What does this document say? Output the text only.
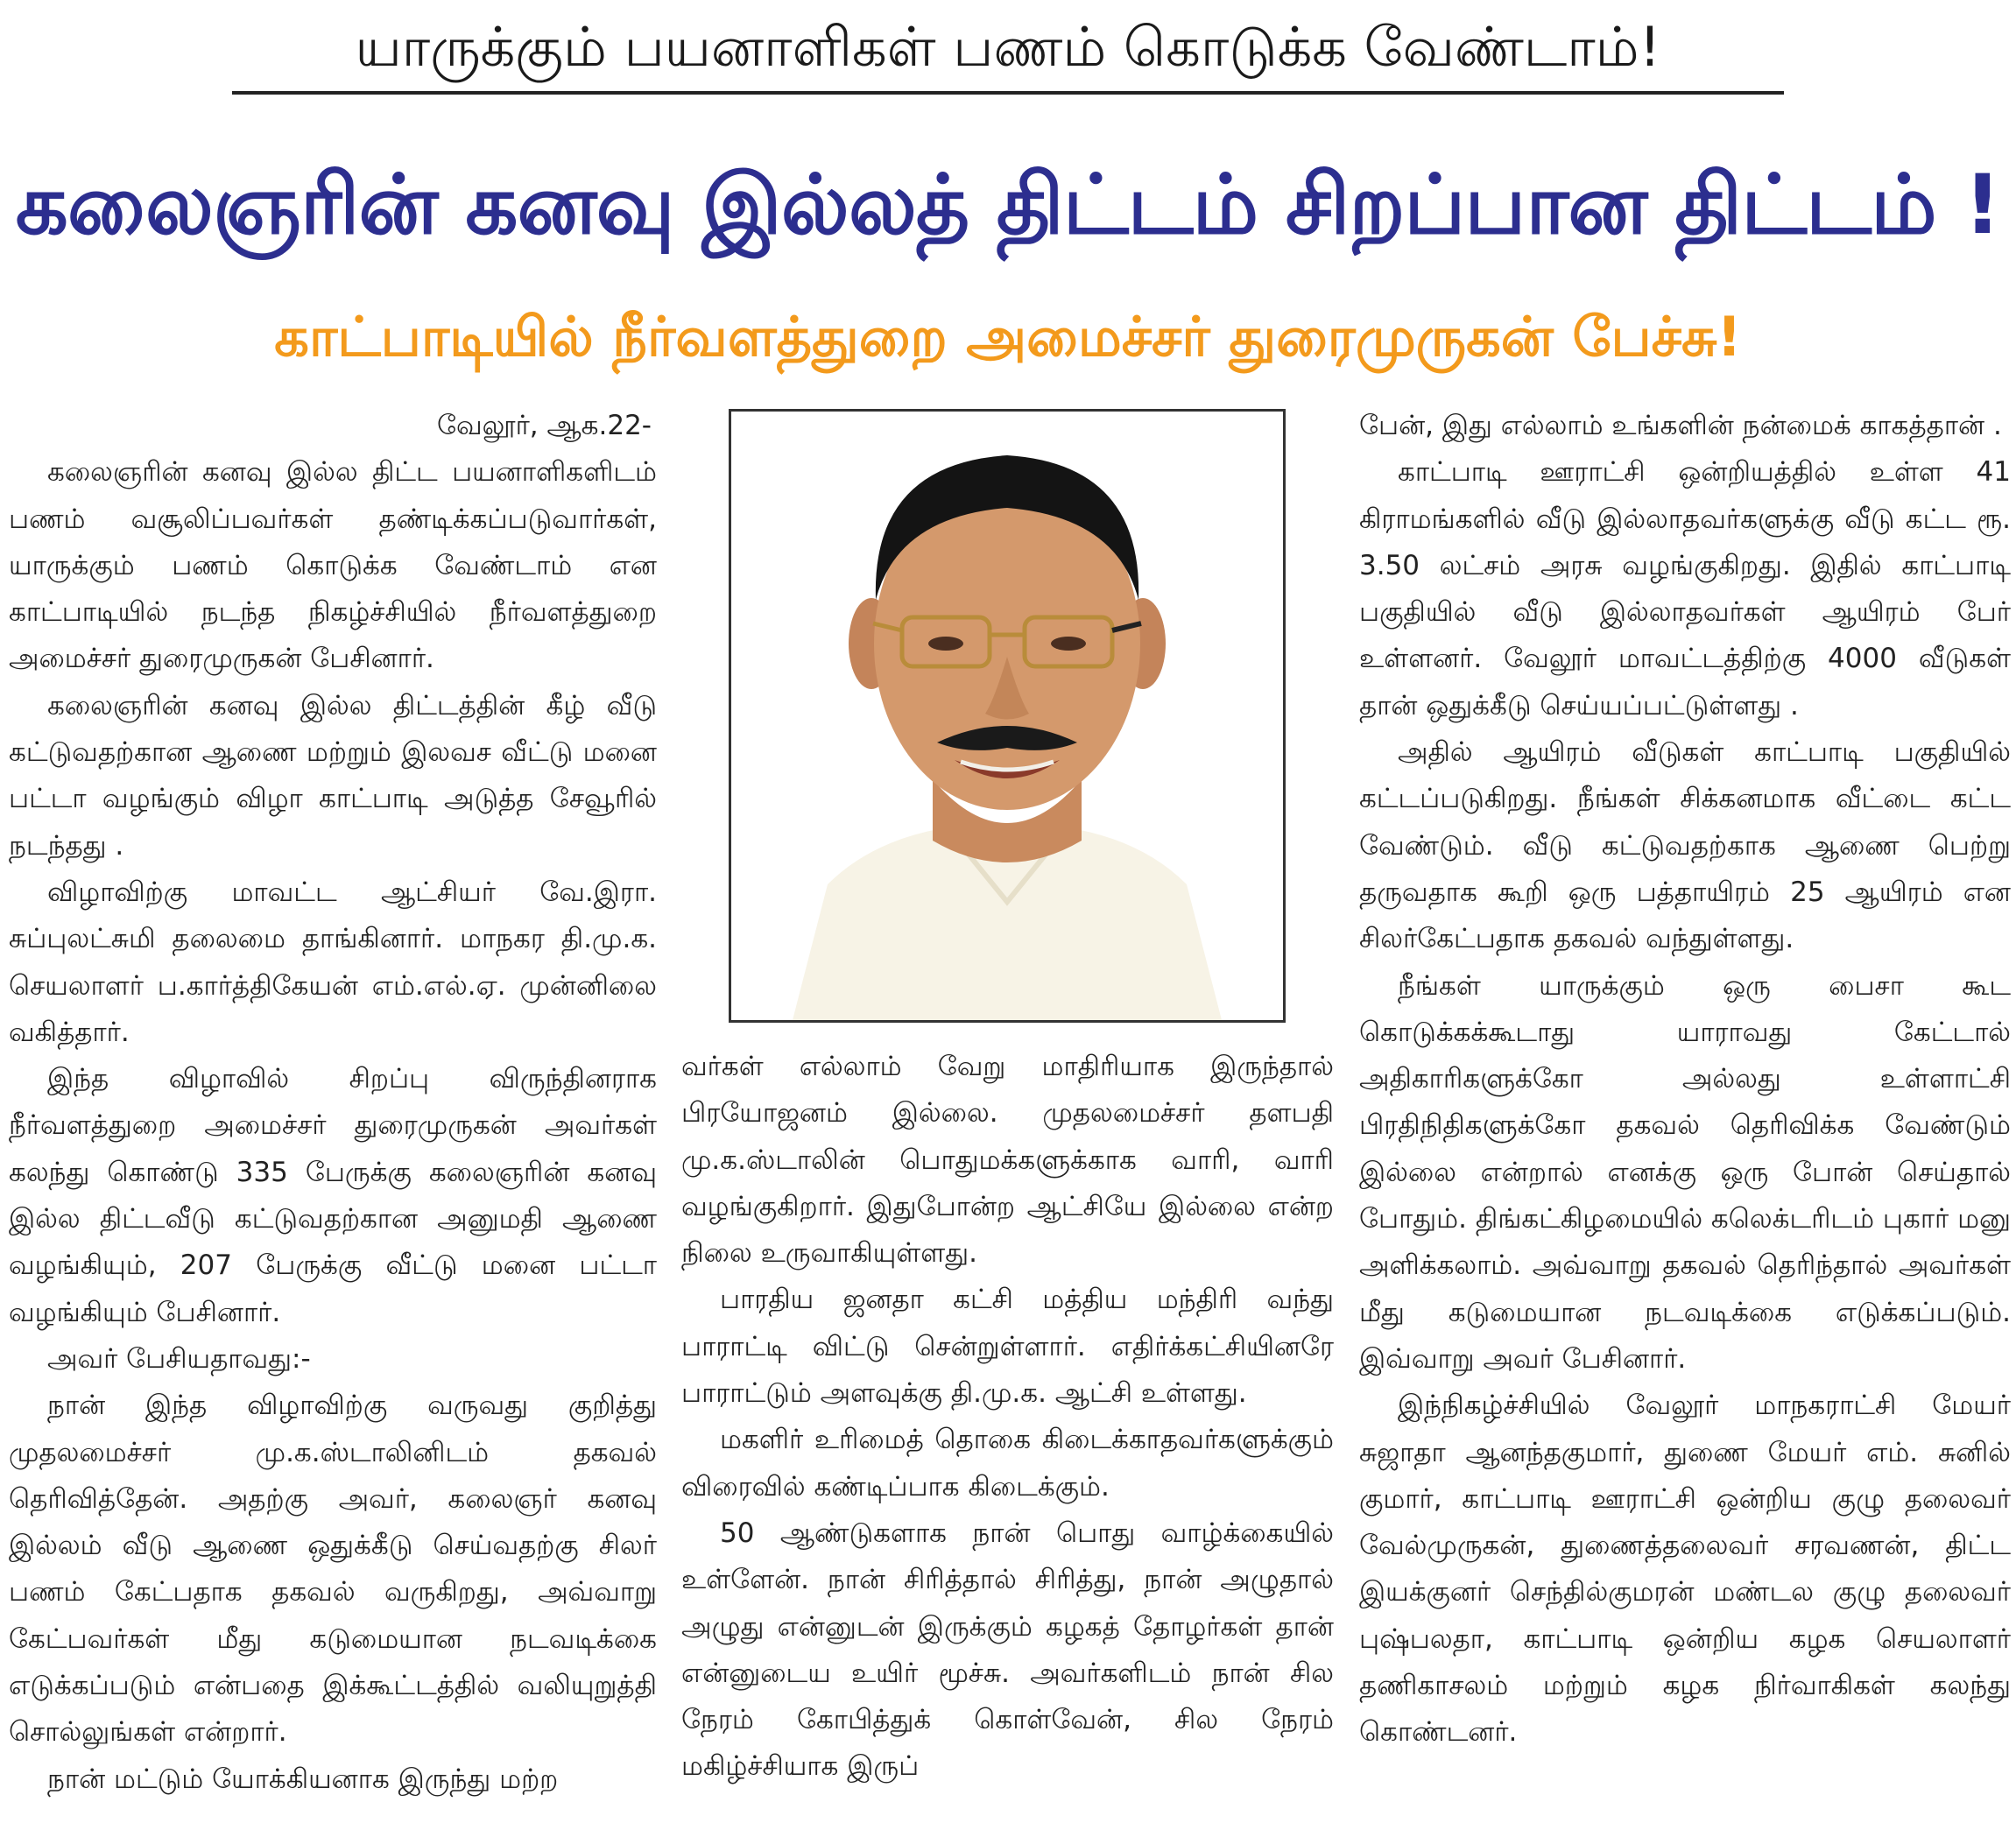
யாருக்கும் பயனாளிகள் பணம் கொடுக்க வேண்டாம்!
கலைஞரின் கனவு இல்லத் திட்டம் சிறப்பான திட்டம் !
காட்பாடியில் நீர்வளத்துறை அமைச்சர் துரைமுருகன் பேச்சு!

வேலூர், ஆக.22-

கலைஞரின் கனவு இல்ல திட்ட பயனாளிகளிடம் பணம் வசூலிப்பவர்கள் தண்டிக்கப்படுவார்கள், யாருக்கும் பணம் கொடுக்க வேண்டாம் என காட்பாடியில் நடந்த நிகழ்ச்சியில் நீர்வளத்துறை அமைச்சர் துரைமுருகன் பேசினார்.

கலைஞரின் கனவு இல்ல திட்டத்தின் கீழ் வீடு கட்டுவதற்கான ஆணை மற்றும் இலவச வீட்டு மனை பட்டா வழங்கும் விழா காட்பாடி அடுத்த சேவூரில் நடந்தது .

விழாவிற்கு மாவட்ட ஆட்சியர் வே.இரா. சுப்புலட்சுமி தலைமை தாங்கினார். மாநகர தி.மு.க. செயலாளர் ப.கார்த்திகேயன் எம்.எல்.ஏ. முன்னிலை வகித்தார்.

இந்த விழாவில் சிறப்பு விருந்தினராக நீர்வளத்துறை அமைச்சர் துரைமுருகன் அவர்கள் கலந்து கொண்டு 335 பேருக்கு கலைஞரின் கனவு இல்ல திட்டவீடு கட்டுவதற்கான அனுமதி ஆணை வழங்கியும், 207 பேருக்கு வீட்டு மனை பட்டா வழங்கியும் பேசினார்.

அவர் பேசியதாவது:-

நான் இந்த விழாவிற்கு வருவது குறித்து முதலமைச்சர் மு.க.ஸ்டாலினிடம் தகவல் தெரிவித்தேன். அதற்கு அவர், கலைஞர் கனவு இல்லம் வீடு ஆணை ஒதுக்கீடு செய்வதற்கு சிலர் பணம் கேட்பதாக தகவல் வருகிறது, அவ்வாறு கேட்பவர்கள் மீது கடுமையான நடவடிக்கை எடுக்கப்படும் என்பதை இக்கூட்டத்தில் வலியுறுத்தி சொல்லுங்கள் என்றார்.

நான் மட்டும் யோக்கியனாக இருந்து மற்ற

வர்கள் எல்லாம் வேறு மாதிரியாக இருந்தால் பிரயோஜனம் இல்லை. முதலமைச்சர் தளபதி மு.க.ஸ்டாலின் பொதுமக்களுக்காக வாரி, வாரி வழங்குகிறார். இதுபோன்ற ஆட்சியே இல்லை என்ற நிலை உருவாகியுள்ளது.

பாரதிய ஜனதா கட்சி மத்திய மந்திரி வந்து பாராட்டி விட்டு சென்றுள்ளார். எதிர்க்கட்சியினரே பாராட்டும் அளவுக்கு தி.மு.க. ஆட்சி உள்ளது.

மகளிர் உரிமைத் தொகை கிடைக்காதவர்களுக்கும் விரைவில் கண்டிப்பாக கிடைக்கும்.

50 ஆண்டுகளாக நான் பொது வாழ்க்கையில் உள்ளேன். நான் சிரித்தால் சிரித்து, நான் அழுதால் அழுது என்னுடன் இருக்கும் கழகத் தோழர்கள் தான் என்னுடைய உயிர் மூச்சு. அவர்களிடம் நான் சில நேரம் கோபித்துக் கொள்வேன், சில நேரம் மகிழ்ச்சியாக இருப்

பேன், இது எல்லாம் உங்களின் நன்மைக் காகத்தான் .

காட்பாடி ஊராட்சி ஒன்றியத்தில் உள்ள 41 கிராமங்களில் வீடு இல்லாதவர்களுக்கு வீடு கட்ட ரூ. 3.50 லட்சம் அரசு வழங்குகிறது. இதில் காட்பாடி பகுதியில் வீடு இல்லாதவர்கள் ஆயிரம் பேர் உள்ளனர். வேலூர் மாவட்டத்திற்கு 4000 வீடுகள் தான் ஒதுக்கீடு செய்யப்பட்டுள்ளது .

அதில் ஆயிரம் வீடுகள் காட்பாடி பகுதியில் கட்டப்படுகிறது. நீங்கள் சிக்கனமாக வீட்டை கட்ட வேண்டும். வீடு கட்டுவதற்காக ஆணை பெற்று தருவதாக கூறி ஒரு பத்தாயிரம் 25 ஆயிரம் என சிலர்கேட்பதாக தகவல் வந்துள்ளது.

நீங்கள் யாருக்கும் ஒரு பைசா கூட கொடுக்கக்கூடாது யாராவது கேட்டால் அதிகாரிகளுக்கோ அல்லது உள்ளாட்சி பிரதிநிதிகளுக்கோ தகவல் தெரிவிக்க வேண்டும் இல்லை என்றால் எனக்கு ஒரு போன் செய்தால் போதும். திங்கட்கிழமையில் கலெக்டரிடம் புகார் மனு அளிக்கலாம். அவ்வாறு தகவல் தெரிந்தால் அவர்கள் மீது கடுமையான நடவடிக்கை எடுக்கப்படும். இவ்வாறு அவர் பேசினார்.

இந்நிகழ்ச்சியில் வேலூர் மாநகராட்சி மேயர் சுஜாதா ஆனந்தகுமார், துணை மேயர் எம். சுனில் குமார், காட்பாடி ஊராட்சி ஒன்றிய குழு தலைவர் வேல்முருகன், துணைத்தலைவர் சரவணன், திட்ட இயக்குனர் செந்தில்குமரன் மண்டல குழு தலைவர் புஷ்பலதா, காட்பாடி ஒன்றிய கழக செயலாளர் தணிகாசலம் மற்றும் கழக நிர்வாகிகள் கலந்து கொண்டனர்.
